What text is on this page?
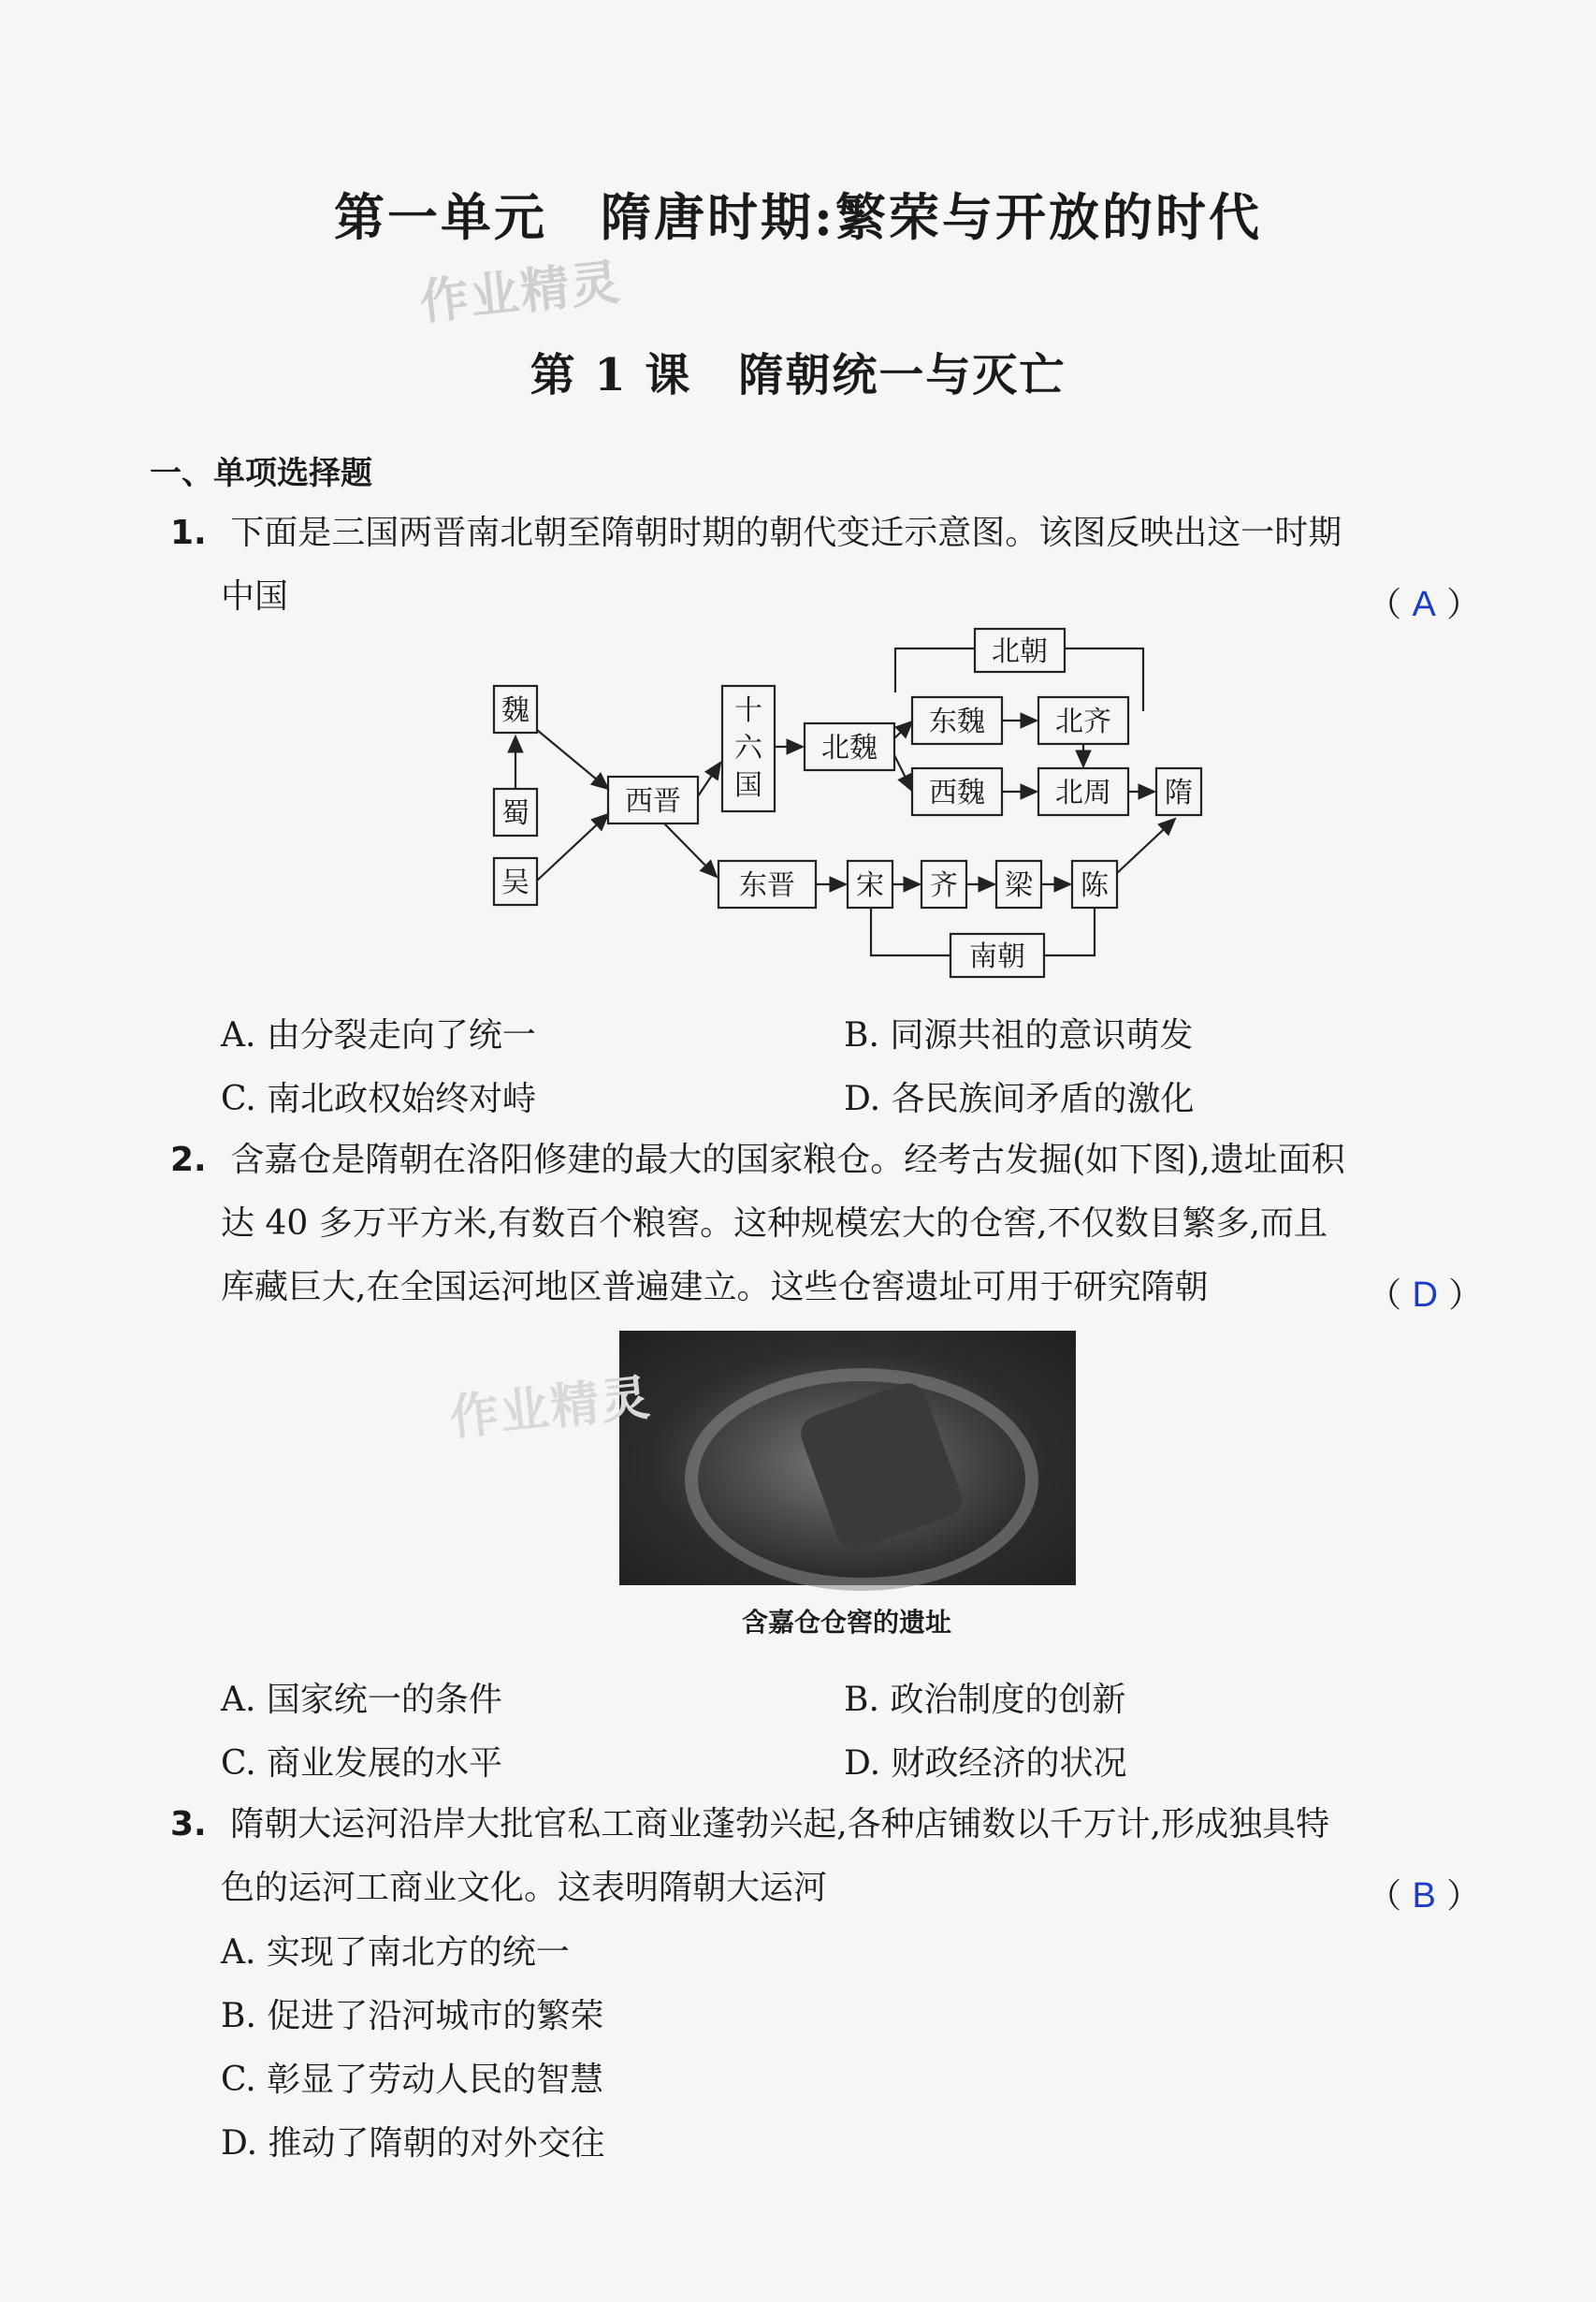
第一单元　隋唐时期:繁荣与开放的时代
作业精灵
第 1 课　隋朝统一与灭亡
一、单项选择题
1. 下面是三国两晋南北朝至隋朝时期的朝代变迁示意图。该图反映出这一时期
中国	（ A ）
魏
蜀
吴
西晋
十
六
国
北魏
东魏	北齐
西魏	北周 隋
东晋 宋 齐 梁 陈
北朝
南朝
A. 由分裂走向了统一	B. 同源共祖的意识萌发
C. 南北政权始终对峙	D. 各民族间矛盾的激化
2. 含嘉仓是隋朝在洛阳修建的最大的国家粮仓。经考古发掘(如下图),遗址面积
达 40 多万平方米,有数百个粮窖。这种规模宏大的仓窖,不仅数目繁多,而且
库藏巨大,在全国运河地区普遍建立。这些仓窖遗址可用于研究隋朝	（ D ）
作业精灵
含嘉仓仓窖的遗址
A. 国家统一的条件	B. 政治制度的创新
C. 商业发展的水平	D. 财政经济的状况
3. 隋朝大运河沿岸大批官私工商业蓬勃兴起,各种店铺数以千万计,形成独具特
色的运河工商业文化。这表明隋朝大运河	（ B ）
A. 实现了南北方的统一
B. 促进了沿河城市的繁荣
C. 彰显了劳动人民的智慧
D. 推动了隋朝的对外交往
